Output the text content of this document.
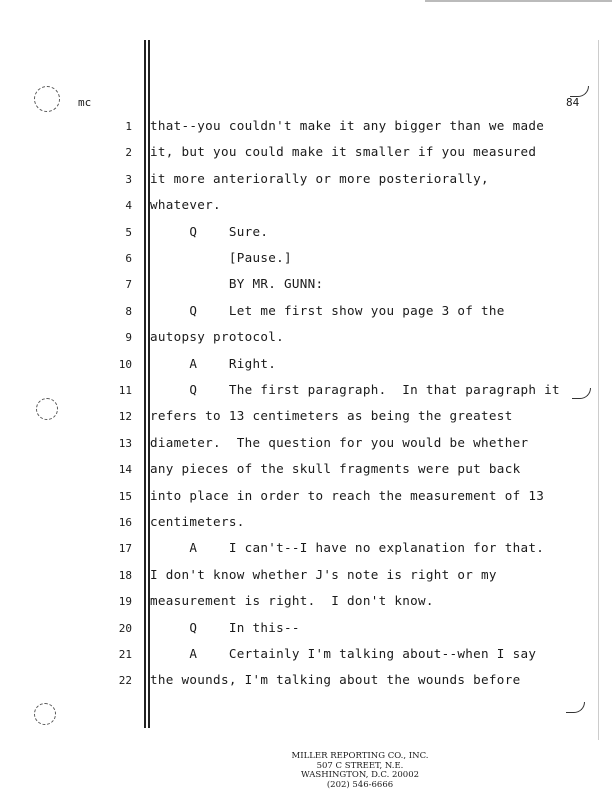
mc	84
1 that--you couldn't make it any bigger than we made
2 it, but you could make it smaller if you measured
3 it more anteriorally or more posteriorally,
4 whatever.
5 Q    Sure.
6 [Pause.]
7 BY MR. GUNN:
8 Q    Let me first show you page 3 of the
9 autopsy protocol.
10 A    Right.
11 Q    The first paragraph.  In that paragraph it
12 refers to 13 centimeters as being the greatest
13 diameter.  The question for you would be whether
14 any pieces of the skull fragments were put back
15 into place in order to reach the measurement of 13
16 centimeters.
17 A    I can't--I have no explanation for that.
18 I don't know whether J's note is right or my
19 measurement is right.  I don't know.
20 Q    In this--
21 A    Certainly I'm talking about--when I say
22 the wounds, I'm talking about the wounds before
MILLER REPORTING CO., INC.
507 C STREET, N.E.
WASHINGTON, D.C. 20002
(202) 546-6666
